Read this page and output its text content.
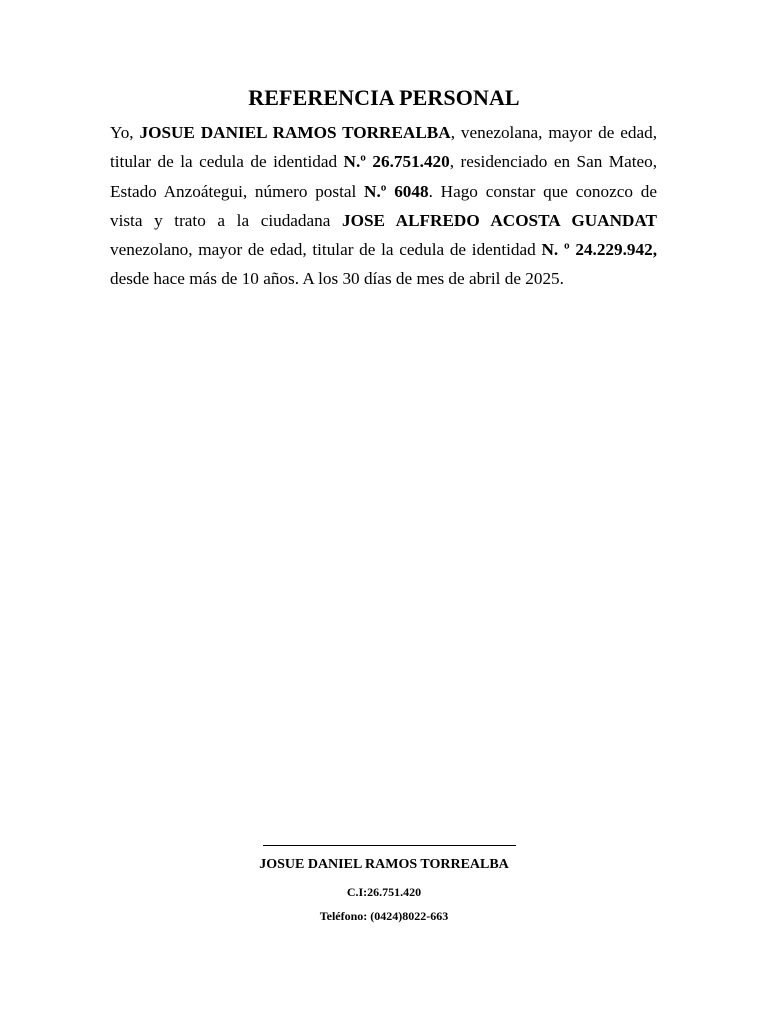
REFERENCIA PERSONAL

Yo, JOSUE DANIEL RAMOS TORREALBA, venezolana, mayor de edad, titular de la cedula de identidad N.º 26.751.420, residenciado en San Mateo, Estado Anzoátegui, número postal N.º 6048. Hago constar que conozco de vista y trato a la ciudadana JOSE ALFREDO ACOSTA GUANDAT venezolano, mayor de edad, titular de la cedula de identidad N. º 24.229.942, desde hace más de 10 años. A los 30 días de mes de abril de 2025.

JOSUE DANIEL RAMOS TORREALBA
C.I:26.751.420
Teléfono: (0424)8022-663
